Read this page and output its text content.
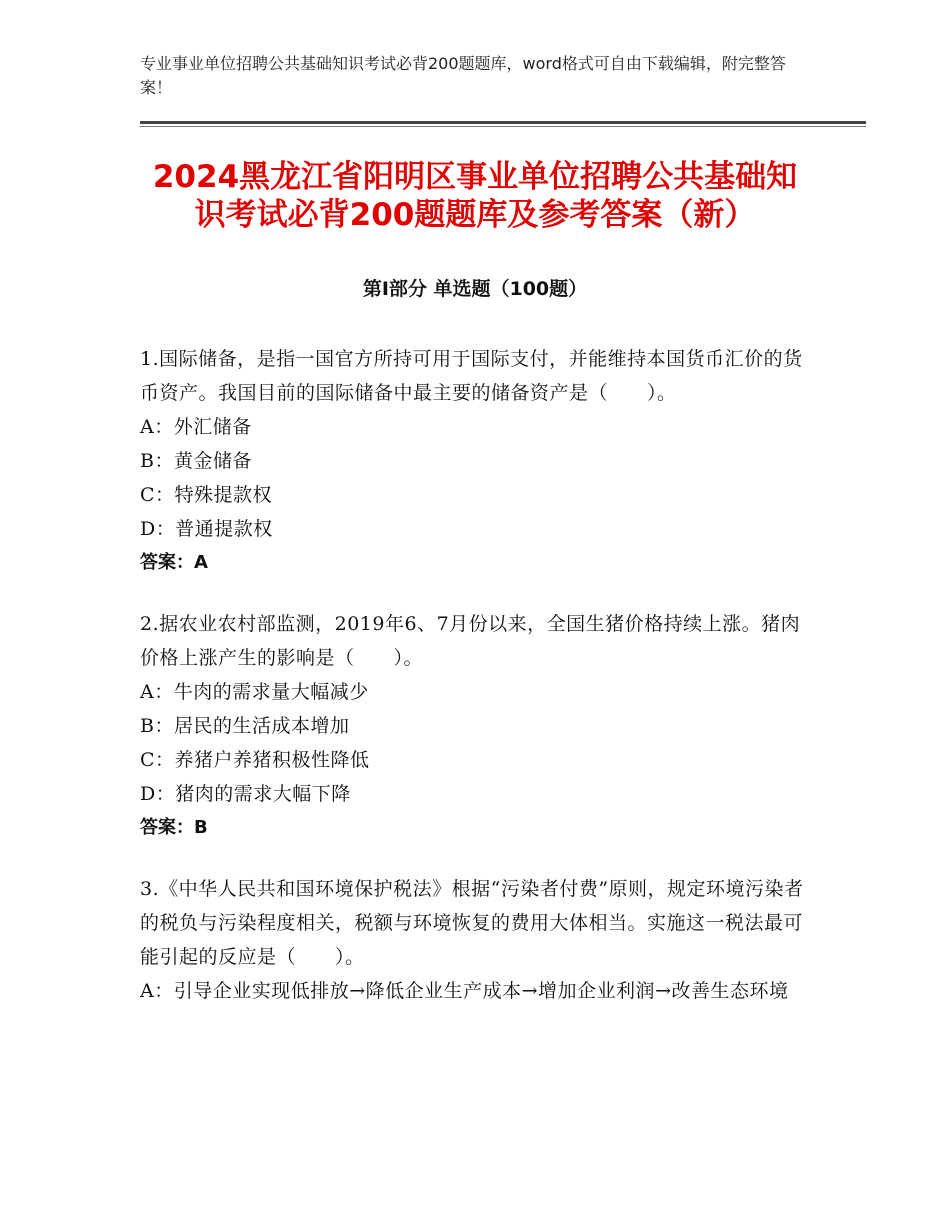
专业事业单位招聘公共基础知识考试必背200题题库，word格式可自由下载编辑，附完整答案！
2024黑龙江省阳明区事业单位招聘公共基础知识考试必背200题题库及参考答案（新）
第Ⅰ部分 单选题（100题）
1.国际储备，是指一国官方所持可用于国际支付，并能维持本国货币汇价的货币资产。我国目前的国际储备中最主要的储备资产是（　　）。
A：外汇储备
B：黄金储备
C：特殊提款权
D：普通提款权
答案：A
2.据农业农村部监测，2019年6、7月份以来，全国生猪价格持续上涨。猪肉价格上涨产生的影响是（　　）。
A：牛肉的需求量大幅减少
B：居民的生活成本增加
C：养猪户养猪积极性降低
D：猪肉的需求大幅下降
答案：B
3.《中华人民共和国环境保护税法》根据“污染者付费”原则，规定环境污染者的税负与污染程度相关，税额与环境恢复的费用大体相当。实施这一税法最可能引起的反应是（　　）。
A：引导企业实现低排放→降低企业生产成本→增加企业利润→改善生态环境
